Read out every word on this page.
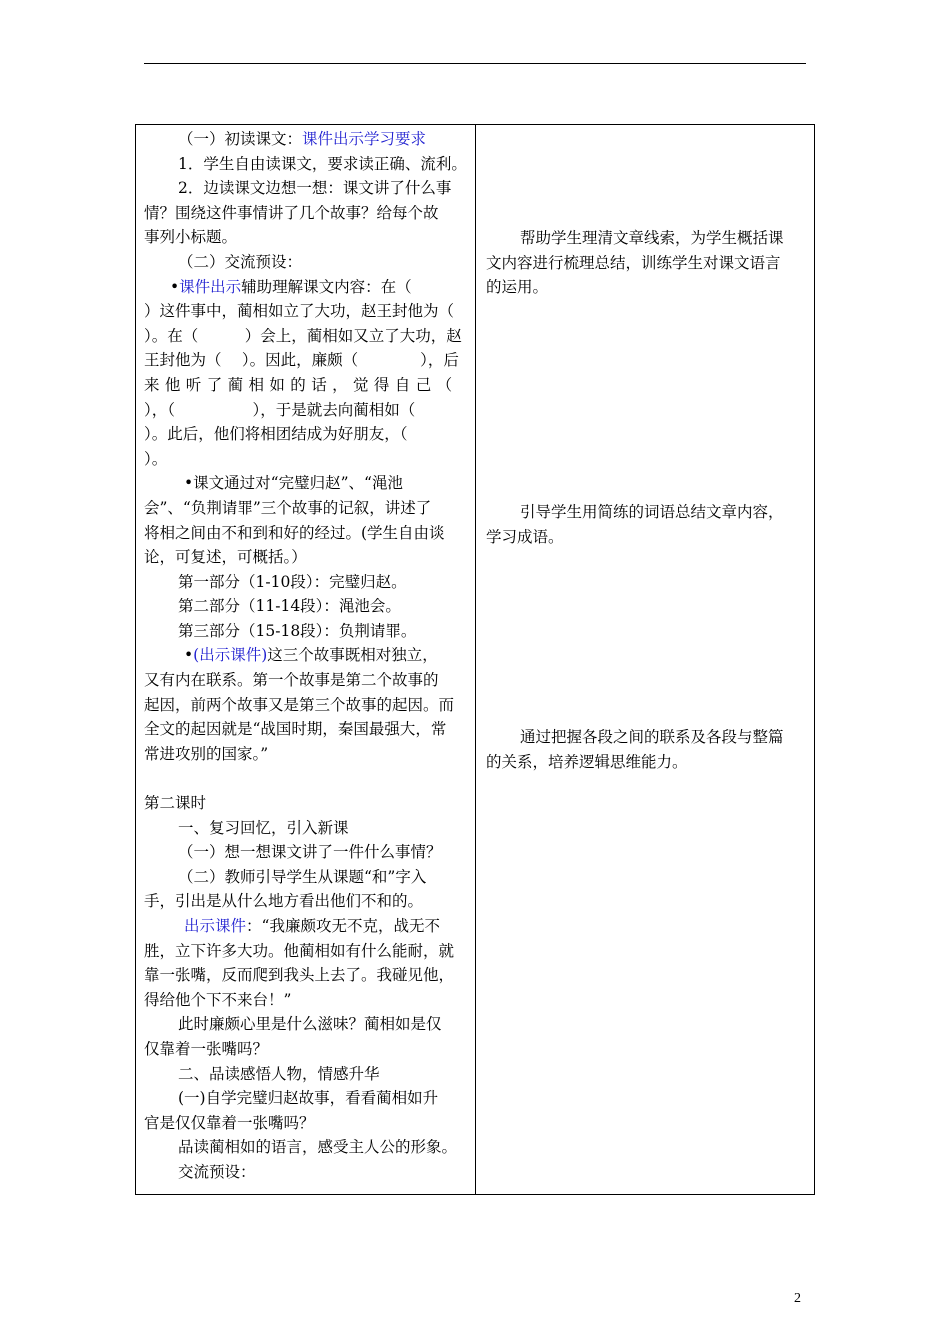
（一）初读课文：课件出示学习要求
1．学生自由读课文，要求读正确、流利。
2．边读课文边想一想：课文讲了什么事
情？围绕这件事情讲了几个故事？给每个故
事列小标题。
（二）交流预设：
•课件出示辅助理解课文内容：在（
）这件事中，蔺相如立了大功，赵王封他为（
）。在（　　　）会上，蔺相如又立了大功，赵
王封他为（　 ）。因此，廉颇（　　　　），后
来他听了蔺相如的话，觉得自己（
），（　　　　　），于是就去向蔺相如（
）。此后，他们将相团结成为好朋友，（
）。
•课文通过对“完璧归赵”、“渑池
会”、“负荆请罪”三个故事的记叙，讲述了
将相之间由不和到和好的经过。(学生自由谈
论，可复述，可概括。）
第一部分（1-10段）：完璧归赵。
第二部分（11-14段）：渑池会。
第三部分（15-18段）：负荆请罪。
•(出示课件)这三个故事既相对独立，
又有内在联系。第一个故事是第二个故事的
起因，前两个故事又是第三个故事的起因。而
全文的起因就是“战国时期，秦国最强大，常
常进攻别的国家。”
第二课时
一、复习回忆，引入新课
（一）想一想课文讲了一件什么事情？
（二）教师引导学生从课题“和”字入
手，引出是从什么地方看出他们不和的。
出示课件：“我廉颇攻无不克，战无不
胜，立下许多大功。他蔺相如有什么能耐，就
靠一张嘴，反而爬到我头上去了。我碰见他，
得给他个下不来台！”
此时廉颇心里是什么滋味？蔺相如是仅
仅靠着一张嘴吗？
二、品读感悟人物，情感升华
(一)自学完璧归赵故事，看看蔺相如升
官是仅仅靠着一张嘴吗？
品读蔺相如的语言，感受主人公的形象。
交流预设：
帮助学生理清文章线索，为学生概括课
文内容进行梳理总结，训练学生对课文语言
的运用。
引导学生用简练的词语总结文章内容，
学习成语。
通过把握各段之间的联系及各段与整篇
的关系，培养逻辑思维能力。
2
